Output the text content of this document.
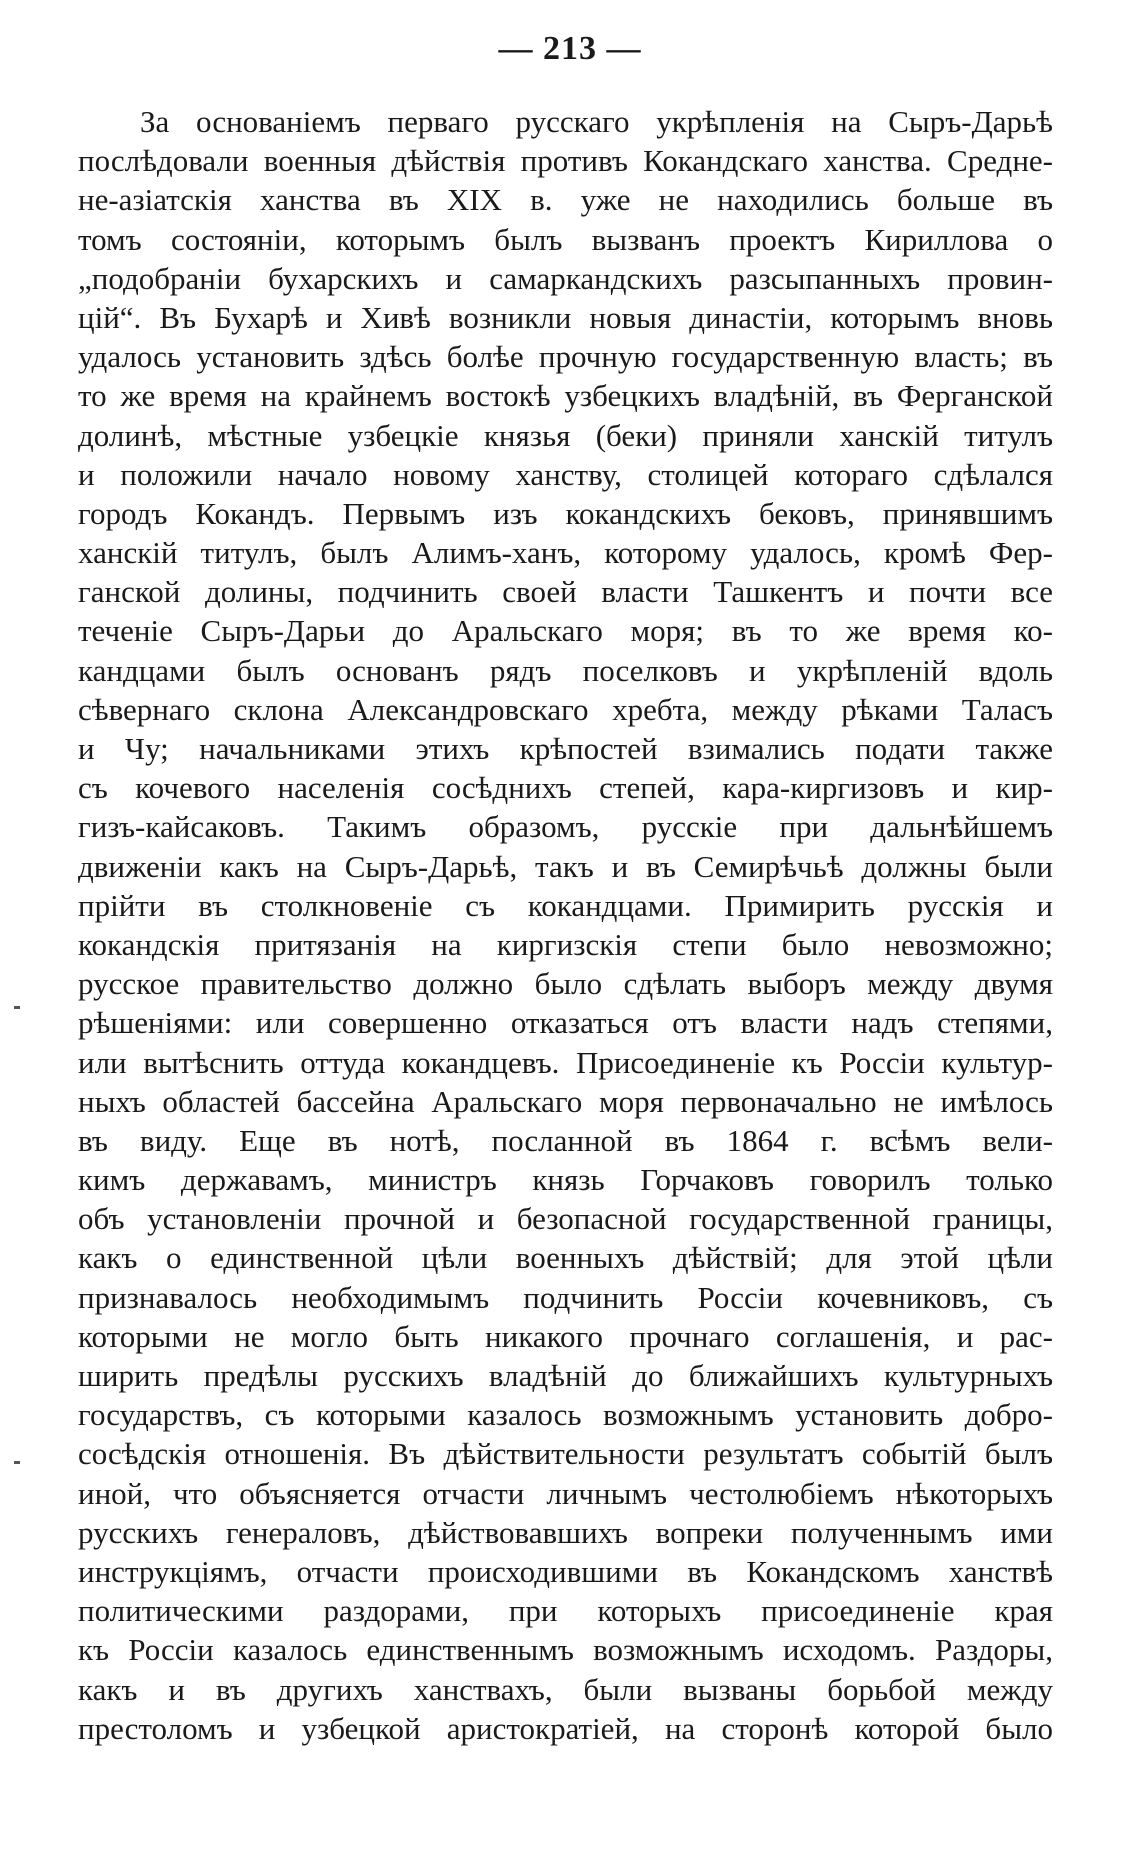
— 213 —
За основаніемъ перваго русскаго укрѣпленія на Сыръ-Дарьѣ
послѣдовали военныя дѣйствія противъ Кокандскаго ханства. Средне-
не-азіатскія ханства въ XIX в. уже не находились больше въ
томъ состояніи, которымъ былъ вызванъ проектъ Кириллова о
„подобраніи бухарскихъ и самаркандскихъ разсыпанныхъ провин-
цій“. Въ Бухарѣ и Хивѣ возникли новыя династіи, которымъ вновь
удалось установить здѣсь болѣе прочную государственную власть; въ
то же время на крайнемъ востокѣ узбецкихъ владѣній, въ Ферганской
долинѣ, мѣстные узбецкіе князья (беки) приняли ханскій титулъ
и положили начало новому ханству, столицей котораго сдѣлался
городъ Кокандъ. Первымъ изъ кокандскихъ бековъ, принявшимъ
ханскій титулъ, былъ Алимъ-ханъ, которому удалось, кромѣ Фер-
ганской долины, подчинить своей власти Ташкентъ и почти все
теченіе Сыръ-Дарьи до Аральскаго моря; въ то же время ко-
кандцами былъ основанъ рядъ поселковъ и укрѣпленій вдоль
сѣвернаго склона Александровскаго хребта, между рѣками Таласъ
и Чу; начальниками этихъ крѣпостей взимались подати также
съ кочевого населенія сосѣднихъ степей, кара-киргизовъ и кир-
гизъ-кайсаковъ. Такимъ образомъ, русскіе при дальнѣйшемъ
движеніи какъ на Сыръ-Дарьѣ, такъ и въ Семирѣчьѣ должны были
прійти въ столкновеніе съ кокандцами. Примирить русскія и
кокандскія притязанія на киргизскія степи было невозможно;
русское правительство должно было сдѣлать выборъ между двумя
рѣшеніями: или совершенно отказаться отъ власти надъ степями,
или вытѣснить оттуда кокандцевъ. Присоединеніе къ Россіи культур-
ныхъ областей бассейна Аральскаго моря первоначально не имѣлось
въ виду. Еще въ нотѣ, посланной въ 1864 г. всѣмъ вели-
кимъ державамъ, министръ князь Горчаковъ говорилъ только
объ установленіи прочной и безопасной государственной границы,
какъ о единственной цѣли военныхъ дѣйствій; для этой цѣли
признавалось необходимымъ подчинить Россіи кочевниковъ, съ
которыми не могло быть никакого прочнаго соглашенія, и рас-
ширить предѣлы русскихъ владѣній до ближайшихъ культурныхъ
государствъ, съ которыми казалось возможнымъ установить добро-
сосѣдскія отношенія. Въ дѣйствительности результатъ событій былъ
иной, что объясняется отчасти личнымъ честолюбіемъ нѣкоторыхъ
русскихъ генераловъ, дѣйствовавшихъ вопреки полученнымъ ими
инструкціямъ, отчасти происходившими въ Кокандскомъ ханствѣ
политическими раздорами, при которыхъ присоединеніе края
къ Россіи казалось единственнымъ возможнымъ исходомъ. Раздоры,
какъ и въ другихъ ханствахъ, были вызваны борьбой между
престоломъ и узбецкой аристократіей, на сторонѣ которой было
